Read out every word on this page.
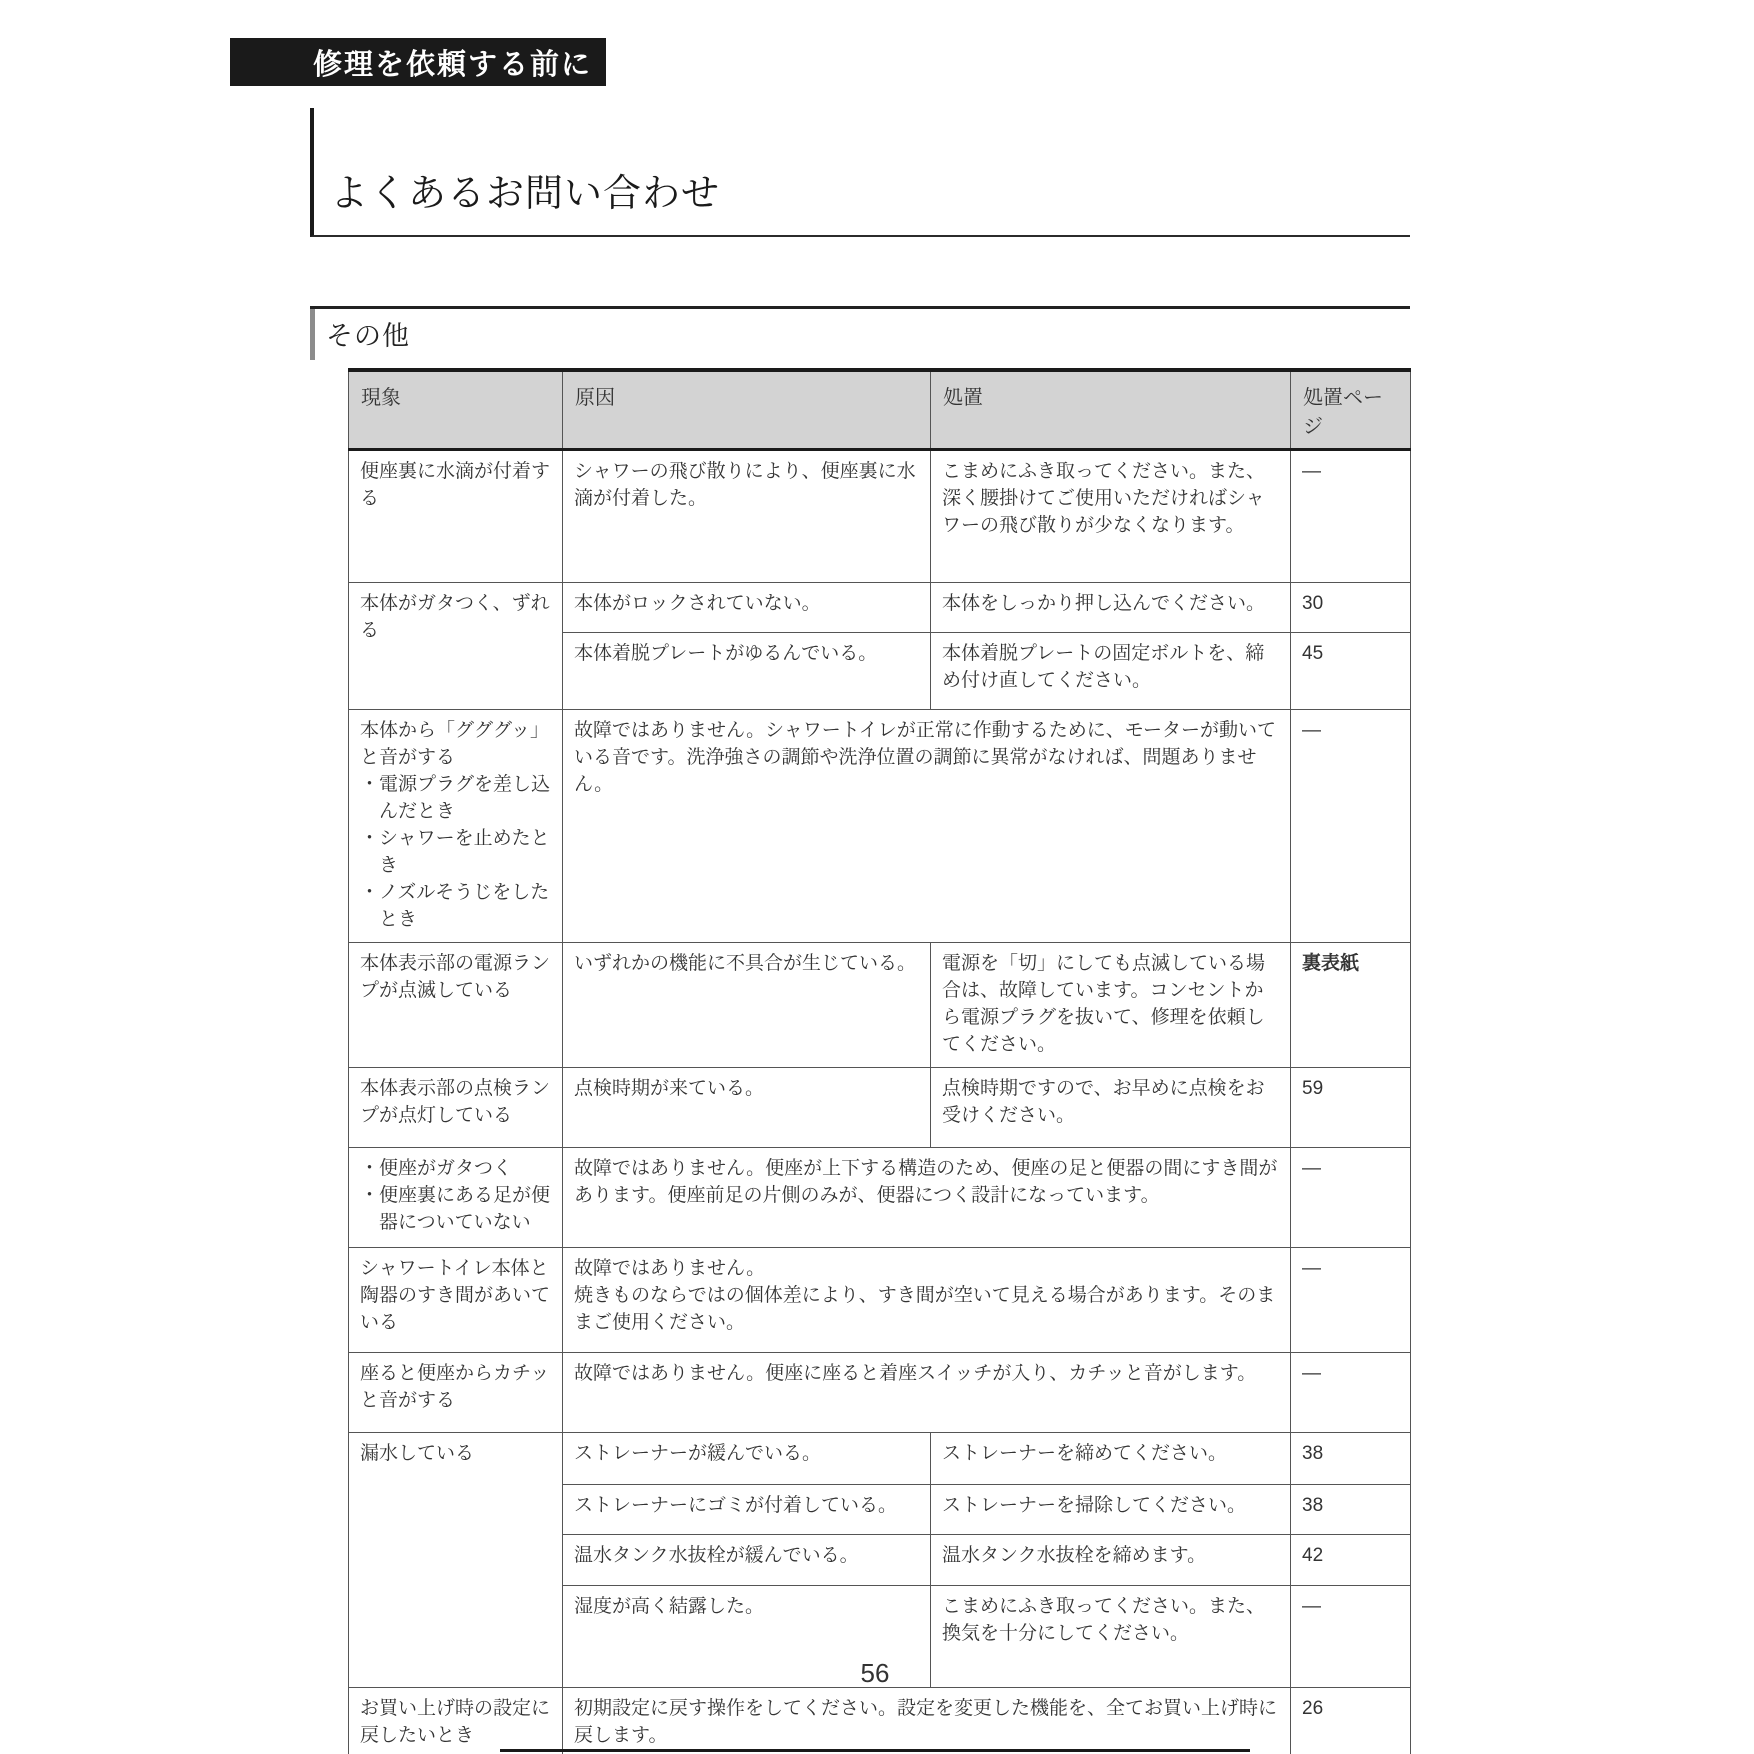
修理を依頼する前に
よくあるお問い合わせ
その他
現象	原因	処置	処置ページ

便座裏に水滴が付着する	シャワーの飛び散りにより、便座裏に水滴が付着した。	こまめにふき取ってください。また、深く腰掛けてご使用いただければシャワーの飛び散りが少なくなります。	—

本体がガタつく、ずれる	本体がロックされていない。	本体をしっかり押し込んでください。	30
	本体着脱プレートがゆるんでいる。	本体着脱プレートの固定ボルトを、締め付け直してください。	45

本体から「グググッ」と音がする
・電源プラグを差し込んだとき
・シャワーを止めたとき
・ノズルそうじをしたとき	故障ではありません。シャワートイレが正常に作動するために、モーターが動いている音です。洗浄強さの調節や洗浄位置の調節に異常がなければ、問題ありません。		—

本体表示部の電源ランプが点滅している	いずれかの機能に不具合が生じている。	電源を「切」にしても点滅している場合は、故障しています。コンセントから電源プラグを抜いて、修理を依頼してください。	裏表紙

本体表示部の点検ランプが点灯している	点検時期が来ている。	点検時期ですので、お早めに点検をお受けください。	59

・便座がガタつく
・便座裏にある足が便器についていない	故障ではありません。便座が上下する構造のため、便座の足と便器の間にすき間があります。便座前足の片側のみが、便器につく設計になっています。		—

シャワートイレ本体と陶器のすき間があいている	故障ではありません。
焼きものならではの個体差により、すき間が空いて見える場合があります。そのままご使用ください。		—

座ると便座からカチッと音がする	故障ではありません。便座に座ると着座スイッチが入り、カチッと音がします。		—

漏水している	ストレーナーが緩んでいる。	ストレーナーを締めてください。	38
	ストレーナーにゴミが付着している。	ストレーナーを掃除してください。	38
	温水タンク水抜栓が緩んでいる。	温水タンク水抜栓を締めます。	42
	湿度が高く結露した。	こまめにふき取ってください。また、換気を十分にしてください。	—

お買い上げ時の設定に戻したいとき	初期設定に戻す操作をしてください。設定を変更した機能を、全てお買い上げ時に戻します。		26
56
